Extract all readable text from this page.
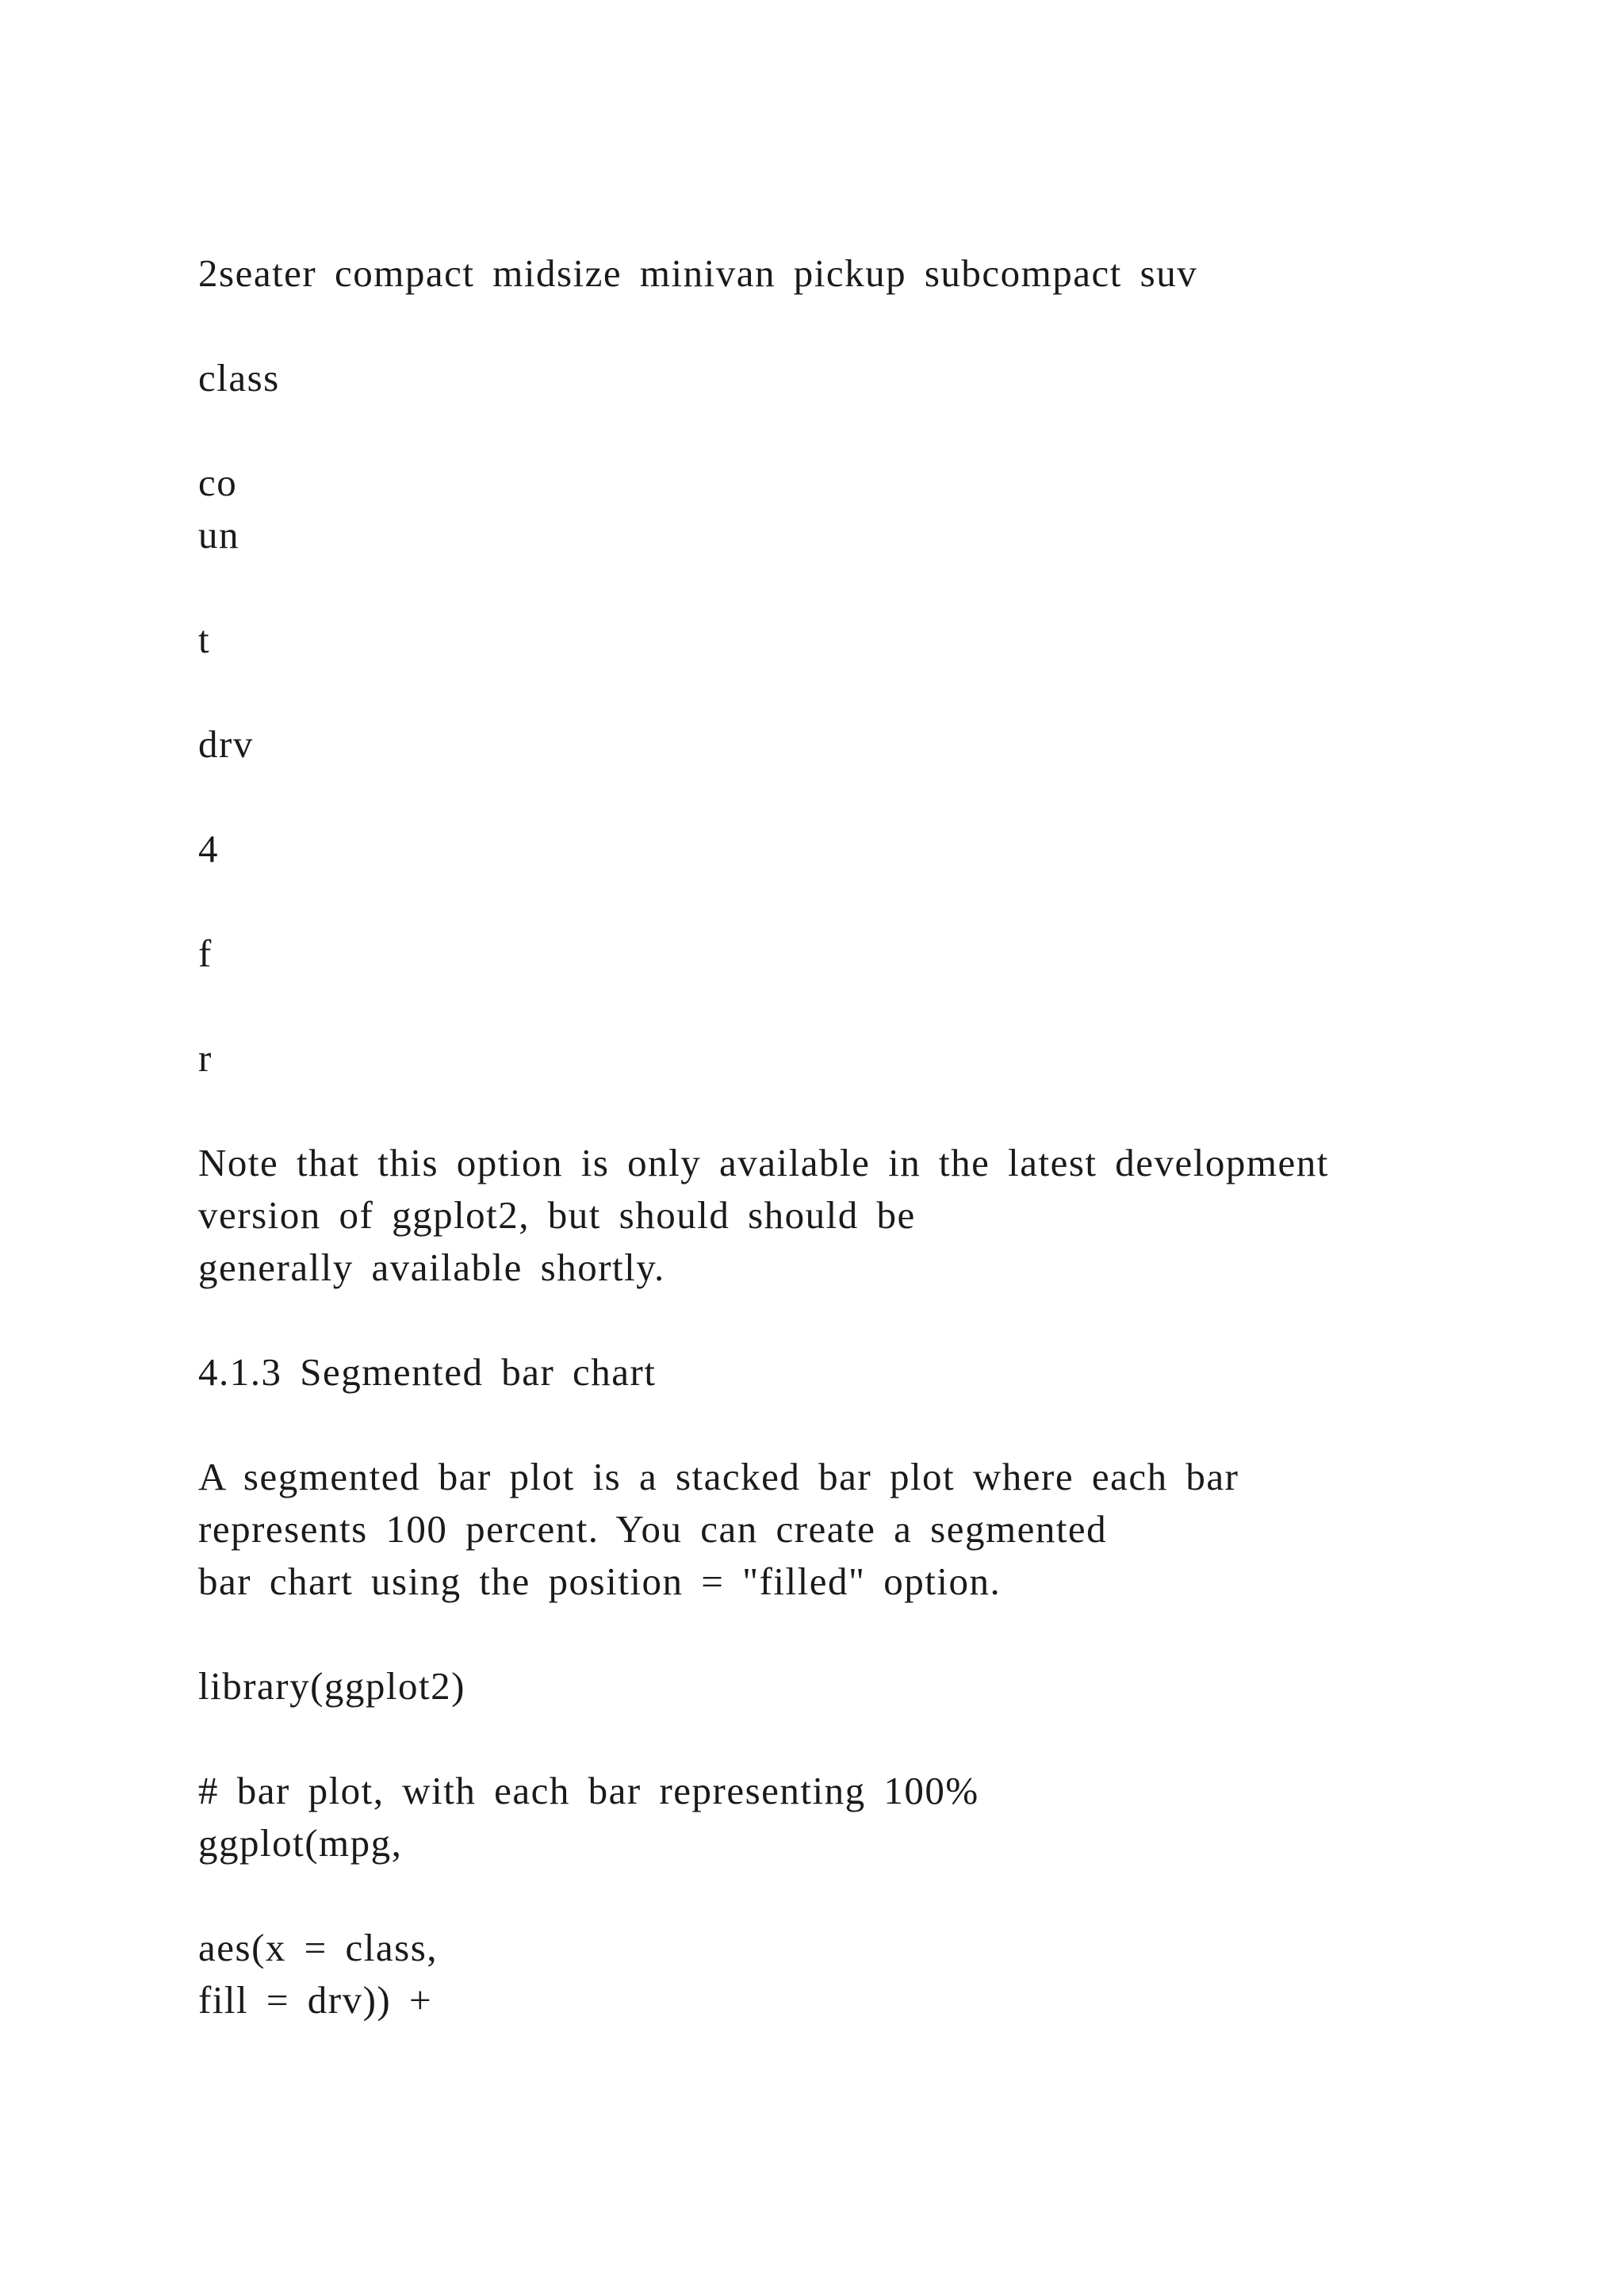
2seater compact midsize minivan pickup subcompact suv

class

co

un

t

drv

4

f

r

Note that this option is only available in the latest development

version of ggplot2, but should should be

generally available shortly.

4.1.3 Segmented bar chart

A segmented bar plot is a stacked bar plot where each bar

represents 100 percent. You can create a segmented

bar chart using the position = "filled" option.

library(ggplot2)

# bar plot, with each bar representing 100%

ggplot(mpg,

aes(x = class,

fill = drv)) +
